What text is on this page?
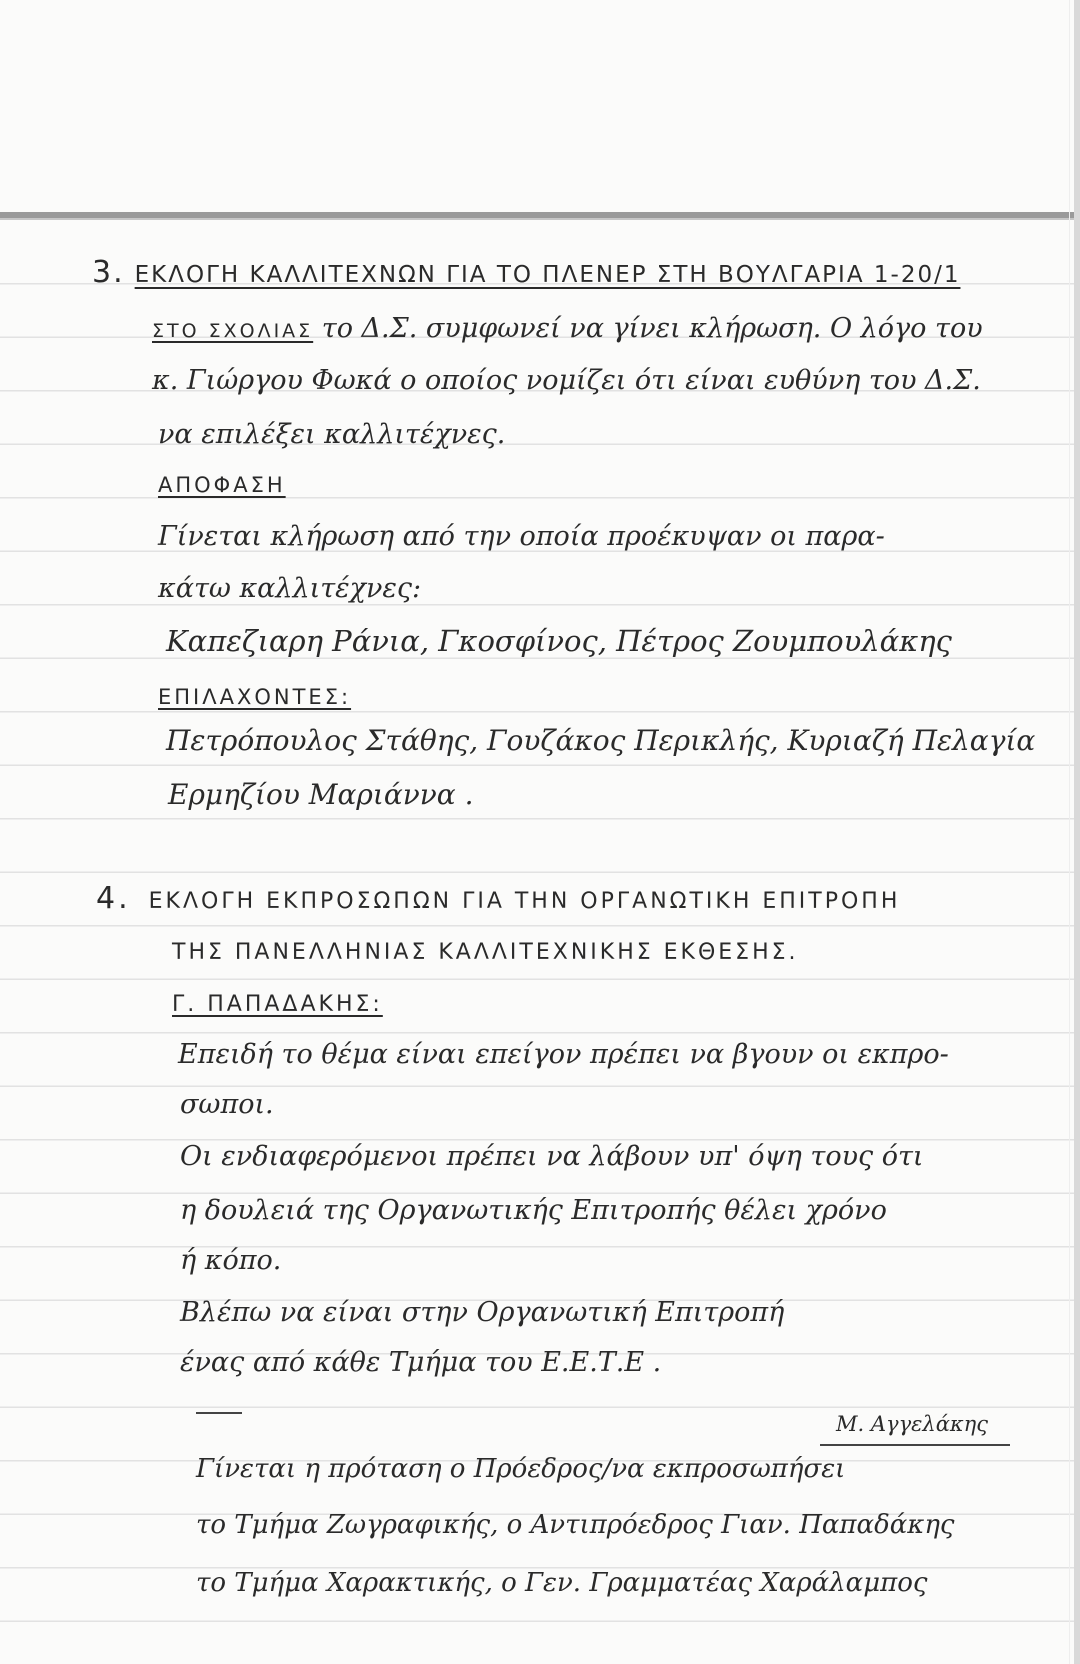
3. ΕΚΛΟΓΗ ΚΑΛΛΙΤΕΧΝΩΝ ΓΙΑ ΤΟ ΠΛΕΝΕΡ ΣΤΗ ΒΟΥΛΓΑΡΙΑ 1-20/1
ΣΤΟ ΣΧΟΛΙΑΣ το Δ.Σ. συμφωνεί να γίνει κλήρωση. Ο λόγο του

κ. Γιώργου Φωκά ο οποίος νομίζει ότι είναι ευθύνη του Δ.Σ.

να επιλέξει καλλιτέχνες.

ΑΠΟΦΑΣΗ

Γίνεται κλήρωση από την οποία προέκυψαν οι παρα-

κάτω καλλιτέχνες:

Καπεζιαρη Ράνια, Γκοσφίνος, Πέτρος Ζουμπουλάκης

ΕΠΙΛΑΧΟΝΤΕΣ:

Πετρόπουλος Στάθης, Γουζάκος Περικλής, Κυριαζή Πελαγία

Ερμηζίου Μαριάννα .

4. ΕΚΛΟΓΗ ΕΚΠΡΟΣΩΠΩΝ ΓΙΑ ΤΗΝ ΟΡΓΑΝΩΤΙΚΗ ΕΠΙΤΡΟΠΗ

ΤΗΣ ΠΑΝΕΛΛΗΝΙΑΣ ΚΑΛΛΙΤΕΧΝΙΚΗΣ ΕΚΘΕΣΗΣ.

Γ. ΠΑΠΑΔΑΚΗΣ:

Επειδή το θέμα είναι επείγον πρέπει να βγουν οι εκπρο-

σωποι.

Οι ενδιαφερόμενοι πρέπει να λάβουν υπ' όψη τους ότι

η δουλειά της Οργανωτικής Επιτροπής θέλει χρόνο

ή κόπο.

Βλέπω να είναι στην Οργανωτική Επιτροπή

ένας από κάθε Τμήμα του Ε.Ε.Τ.Ε .

Μ. Αγγελάκης

Γίνεται η πρόταση ο Πρόεδρος/να εκπροσωπήσει

το Τμήμα Ζωγραφικής, ο Αντιπρόεδρος Γιαν. Παπαδάκης

το Τμήμα Χαρακτικής, ο Γεν. Γραμματέας Χαράλαμπος
